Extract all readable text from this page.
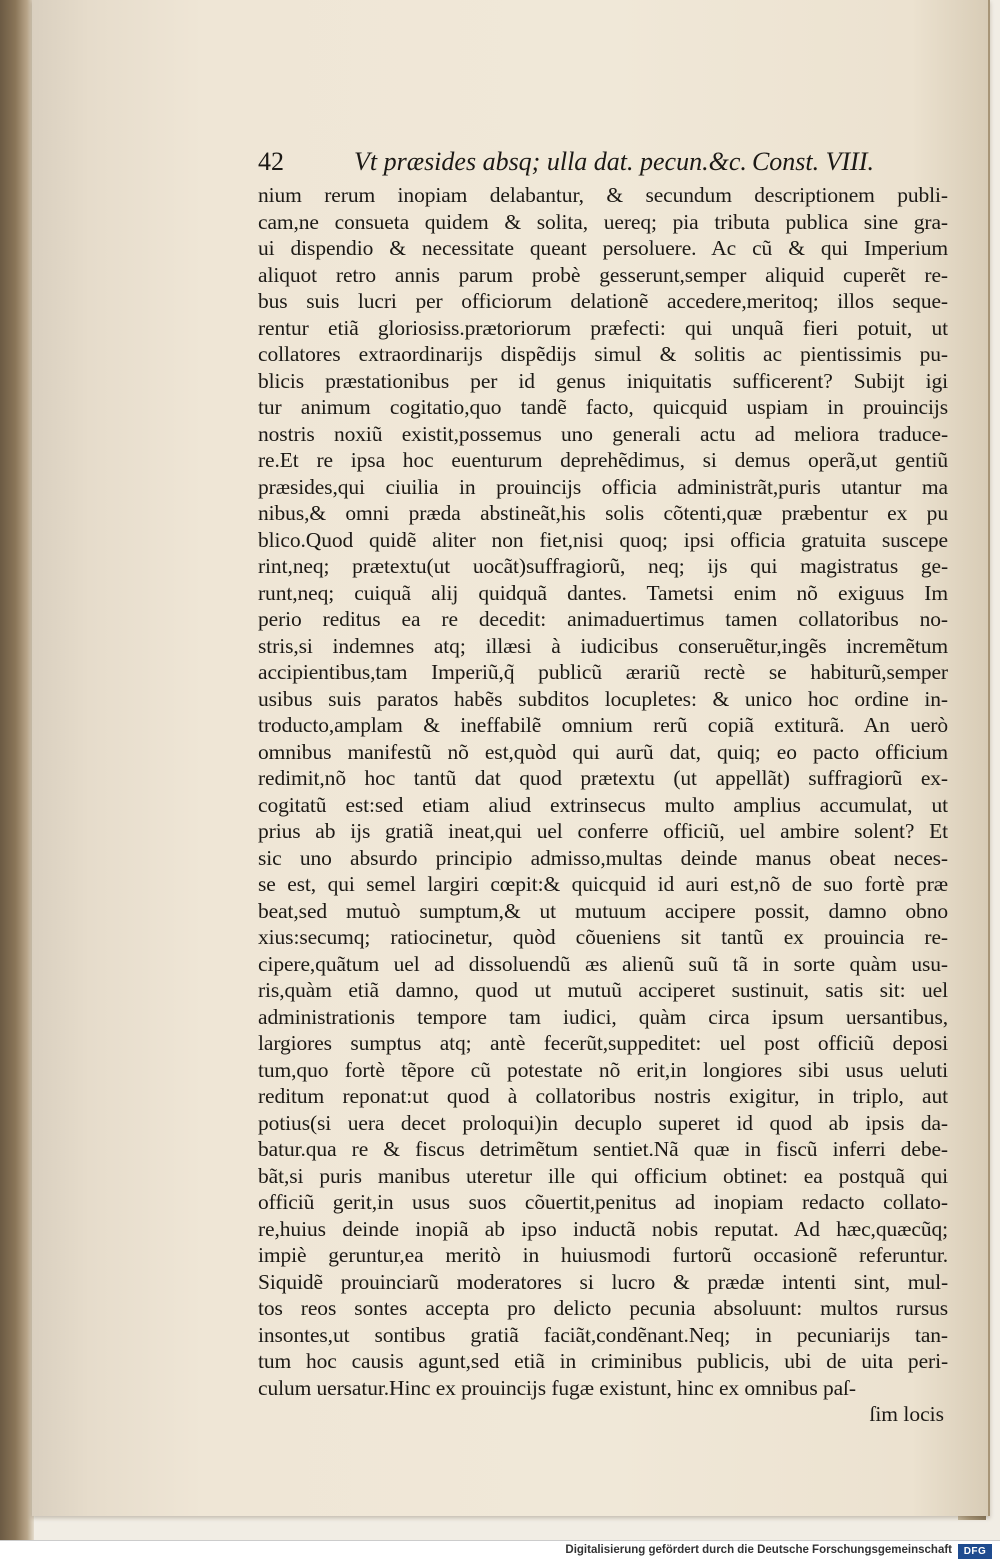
42	Vt præsides absq; ulla dat. pecun.&c. Const. VIII.
nium rerum inopiam delabantur, & secundum descriptionem publi-
cam,ne consueta quidem & solita, uereq; pia tributa publica sine gra-
ui dispendio & necessitate queant persoluere. Ac cũ & qui Imperium
aliquot retro annis parum probè gesserunt,semper aliquid cuperẽt re-
bus suis lucri per officiorum delationẽ accedere,meritoq; illos seque-
rentur etiã gloriosiss.prætoriorum præfecti: qui unquã fieri potuit, ut
collatores extraordinarijs dispẽdijs simul & solitis ac pientissimis pu-
blicis præstationibus per id genus iniquitatis sufficerent? Subijt igi
tur animum cogitatio,quo tandẽ facto, quicquid uspiam in prouincijs
nostris noxiũ existit,possemus uno generali actu ad meliora traduce-
re.Et re ipsa hoc euenturum deprehẽdimus, si demus operã,ut gentiũ
præsides,qui ciuilia in prouincijs officia administrãt,puris utantur ma
nibus,& omni præda abstineãt,his solis cõtenti,quæ præbentur ex pu
blico.Quod quidẽ aliter non fiet,nisi quoq; ipsi officia gratuita suscepe
rint,neq; prætextu(ut uocãt)suffragiorũ, neq; ijs qui magistratus ge-
runt,neq; cuiquã alij quidquã dantes. Tametsi enim nõ exiguus Im
perio reditus ea re decedit: animaduertimus tamen collatoribus no-
stris,si indemnes atq; illæsi à iudicibus conseruẽtur,ingẽs incremẽtum
accipientibus,tam Imperiũ,q̃ publicũ ærariũ rectè se habiturũ,semper
usibus suis paratos habẽs subditos locupletes: & unico hoc ordine in-
troducto,amplam & ineffabilẽ omnium rerũ copiã extiturã. An uerò
omnibus manifestũ nõ est,quòd qui aurũ dat, quiq; eo pacto officium
redimit,nõ hoc tantũ dat quod prætextu (ut appellãt) suffragiorũ ex-
cogitatũ est:sed etiam aliud extrinsecus multo amplius accumulat, ut
prius ab ijs gratiã ineat,qui uel conferre officiũ, uel ambire solent? Et
sic uno absurdo principio admisso,multas deinde manus obeat neces-
se est, qui semel largiri cœpit:& quicquid id auri est,nõ de suo fortè præ
beat,sed mutuò sumptum,& ut mutuum accipere possit, damno obno
xius:secumq; ratiocinetur, quòd cõueniens sit tantũ ex prouincia re-
cipere,quãtum uel ad dissoluendũ æs alienũ suũ tã in sorte quàm usu-
ris,quàm etiã damno, quod ut mutuũ acciperet sustinuit, satis sit: uel
administrationis tempore tam iudici, quàm circa ipsum uersantibus,
largiores sumptus atq; antè fecerũt,suppeditet: uel post officiũ deposi
tum,quo fortè tẽpore cũ potestate nõ erit,in longiores sibi usus ueluti
reditum reponat:ut quod à collatoribus nostris exigitur, in triplo, aut
potius(si uera decet proloqui)in decuplo superet id quod ab ipsis da-
batur.qua re & fiscus detrimẽtum sentiet.Nã quæ in fiscũ inferri debe-
bãt,si puris manibus uteretur ille qui officium obtinet: ea postquã qui
officiũ gerit,in usus suos cõuertit,penitus ad inopiam redacto collato-
re,huius deinde inopiã ab ipso inductã nobis reputat. Ad hæc,quæcũq;
impiè geruntur,ea meritò in huiusmodi furtorũ occasionẽ referuntur.
Siquidẽ prouinciarũ moderatores si lucro & prædæ intenti sint, mul-
tos reos sontes accepta pro delicto pecunia absoluunt: multos rursus
insontes,ut sontibus gratiã faciãt,condẽnant.Neq; in pecuniarijs tan-
tum hoc causis agunt,sed etiã in criminibus publicis, ubi de uita peri-
culum uersatur.Hinc ex prouincijs fugæ existunt, hinc ex omnibus paſ-
ſim locis
Digitalisierung gefördert durch die Deutsche Forschungsgemeinschaft	DFG
